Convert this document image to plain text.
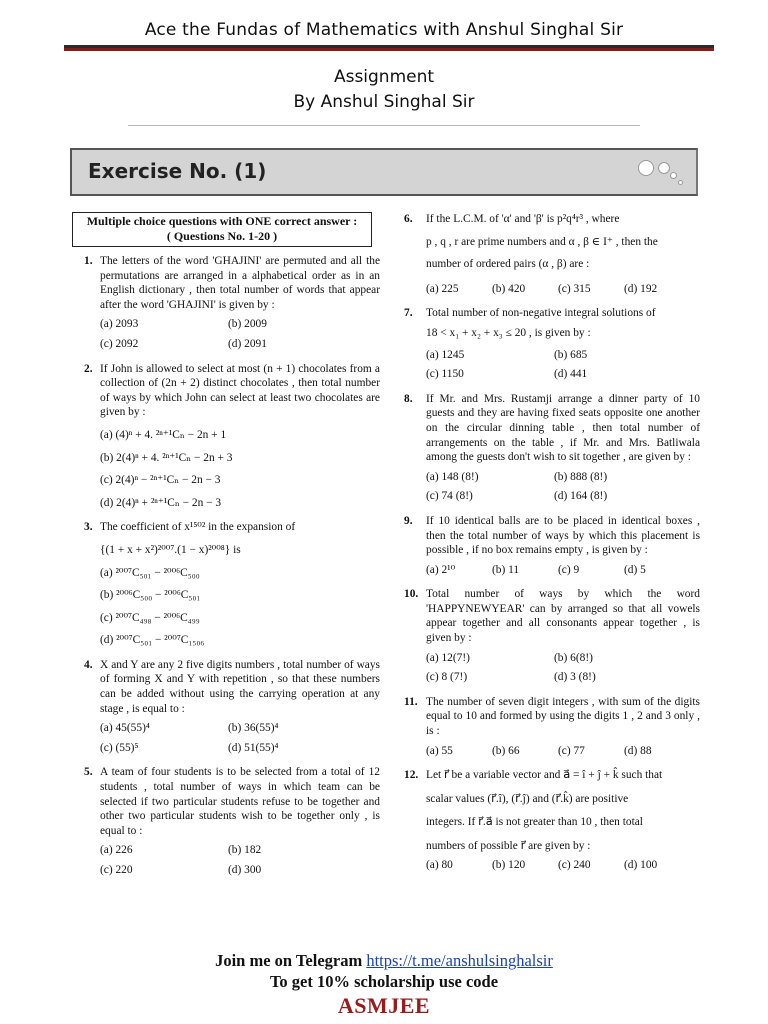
Ace the Fundas of Mathematics with Anshul Singhal Sir
Assignment
By Anshul Singhal Sir
Exercise No. (1)
Multiple choice questions with ONE correct answer :
( Questions No. 1-20 )
1. The letters of the word 'GHAJINI' are permuted and all the permutations are arranged in a alphabetical order as in an English dictionary , then total number of words that appear after the word 'GHAJINI' is given by :
(a) 2093	(b) 2009
(c) 2092	(d) 2091
2. If John is allowed to select at most (n + 1) chocolates from a collection of (2n + 2) distinct chocolates , then total number of ways by which John can select at least two chocolates are given by :
(a) (4)ⁿ + 4. ²ⁿ⁺¹Cₙ − 2n + 1
(b) 2(4)ⁿ + 4. ²ⁿ⁺¹Cₙ − 2n + 3
(c) 2(4)ⁿ − ²ⁿ⁺¹Cₙ − 2n − 3
(d) 2(4)ⁿ + ²ⁿ⁺¹Cₙ − 2n − 3
3. The coefficient of x¹⁵⁰² in the expansion of
{(1 + x + x²)²⁰⁰⁷.(1 − x)²⁰⁰⁸} is
(a) ²⁰⁰⁷C₅₀₁ − ²⁰⁰⁶C₅₀₀
(b) ²⁰⁰⁶C₅₀₀ − ²⁰⁰⁶C₅₀₁
(c) ²⁰⁰⁷C₄₉₈ − ²⁰⁰⁶C₄₉₉
(d) ²⁰⁰⁷C₅₀₁ − ²⁰⁰⁷C₁₅₀₆
4. X and Y are any 2 five digits numbers , total number of ways of forming X and Y with repetition , so that these numbers can be added without using the carrying operation at any stage , is equal to :
(a) 45(55)⁴	(b) 36(55)⁴
(c) (55)⁵	(d) 51(55)⁴
5. A team of four students is to be selected from a total of 12 students , total number of ways in which team can be selected if two particular students refuse to be together and other two particular students wish to be together only , is equal to :
(a) 226	(b) 182
(c) 220	(d) 300
6. If the L.C.M. of 'α' and 'β' is p²q⁴r³ , where
p , q , r are prime numbers and α , β ∈ I⁺ , then the
number of ordered pairs (α , β) are :
(a) 225	(b) 420	(c) 315	(d) 192
7. Total number of non-negative integral solutions of
18 < x₁ + x₂ + x₃ ≤ 20 , is given by :
(a) 1245	(b) 685
(c) 1150	(d) 441
8. If Mr. and Mrs. Rustamji arrange a dinner party of 10 guests and they are having fixed seats opposite one another on the circular dinning table , then total number of arrangements on the table , if Mr. and Mrs. Batliwala among the guests don't wish to sit together , are given by :
(a) 148 (8!)	(b) 888 (8!)
(c) 74 (8!)	(d) 164 (8!)
9. If 10 identical balls are to be placed in identical boxes , then the total number of ways by which this placement is possible , if no box remains empty , is given by :
(a) 2¹⁰	(b) 11	(c) 9	(d) 5
10. Total number of ways by which the word 'HAPPYNEWYEAR' can by arranged so that all vowels appear together and all consonants appear together , is given by :
(a) 12(7!)	(b) 6(8!)
(c) 8 (7!)	(d) 3 (8!)
11. The number of seven digit integers , with sum of the digits equal to 10 and formed by using the digits 1 , 2 and 3 only , is :
(a) 55	(b) 66	(c) 77	(d) 88
12. Let r⃗ be a variable vector and a⃗ = î + ĵ + k̂ such that
scalar values (r⃗.î), (r⃗.ĵ) and (r⃗.k̂) are positive
integers. If r⃗.a⃗ is not greater than 10 , then total
numbers of possible r⃗ are given by :
(a) 80	(b) 120	(c) 240	(d) 100
Join me on Telegram https://t.me/anshulsinghalsir
To get 10% scholarship use code
ASMJEE
